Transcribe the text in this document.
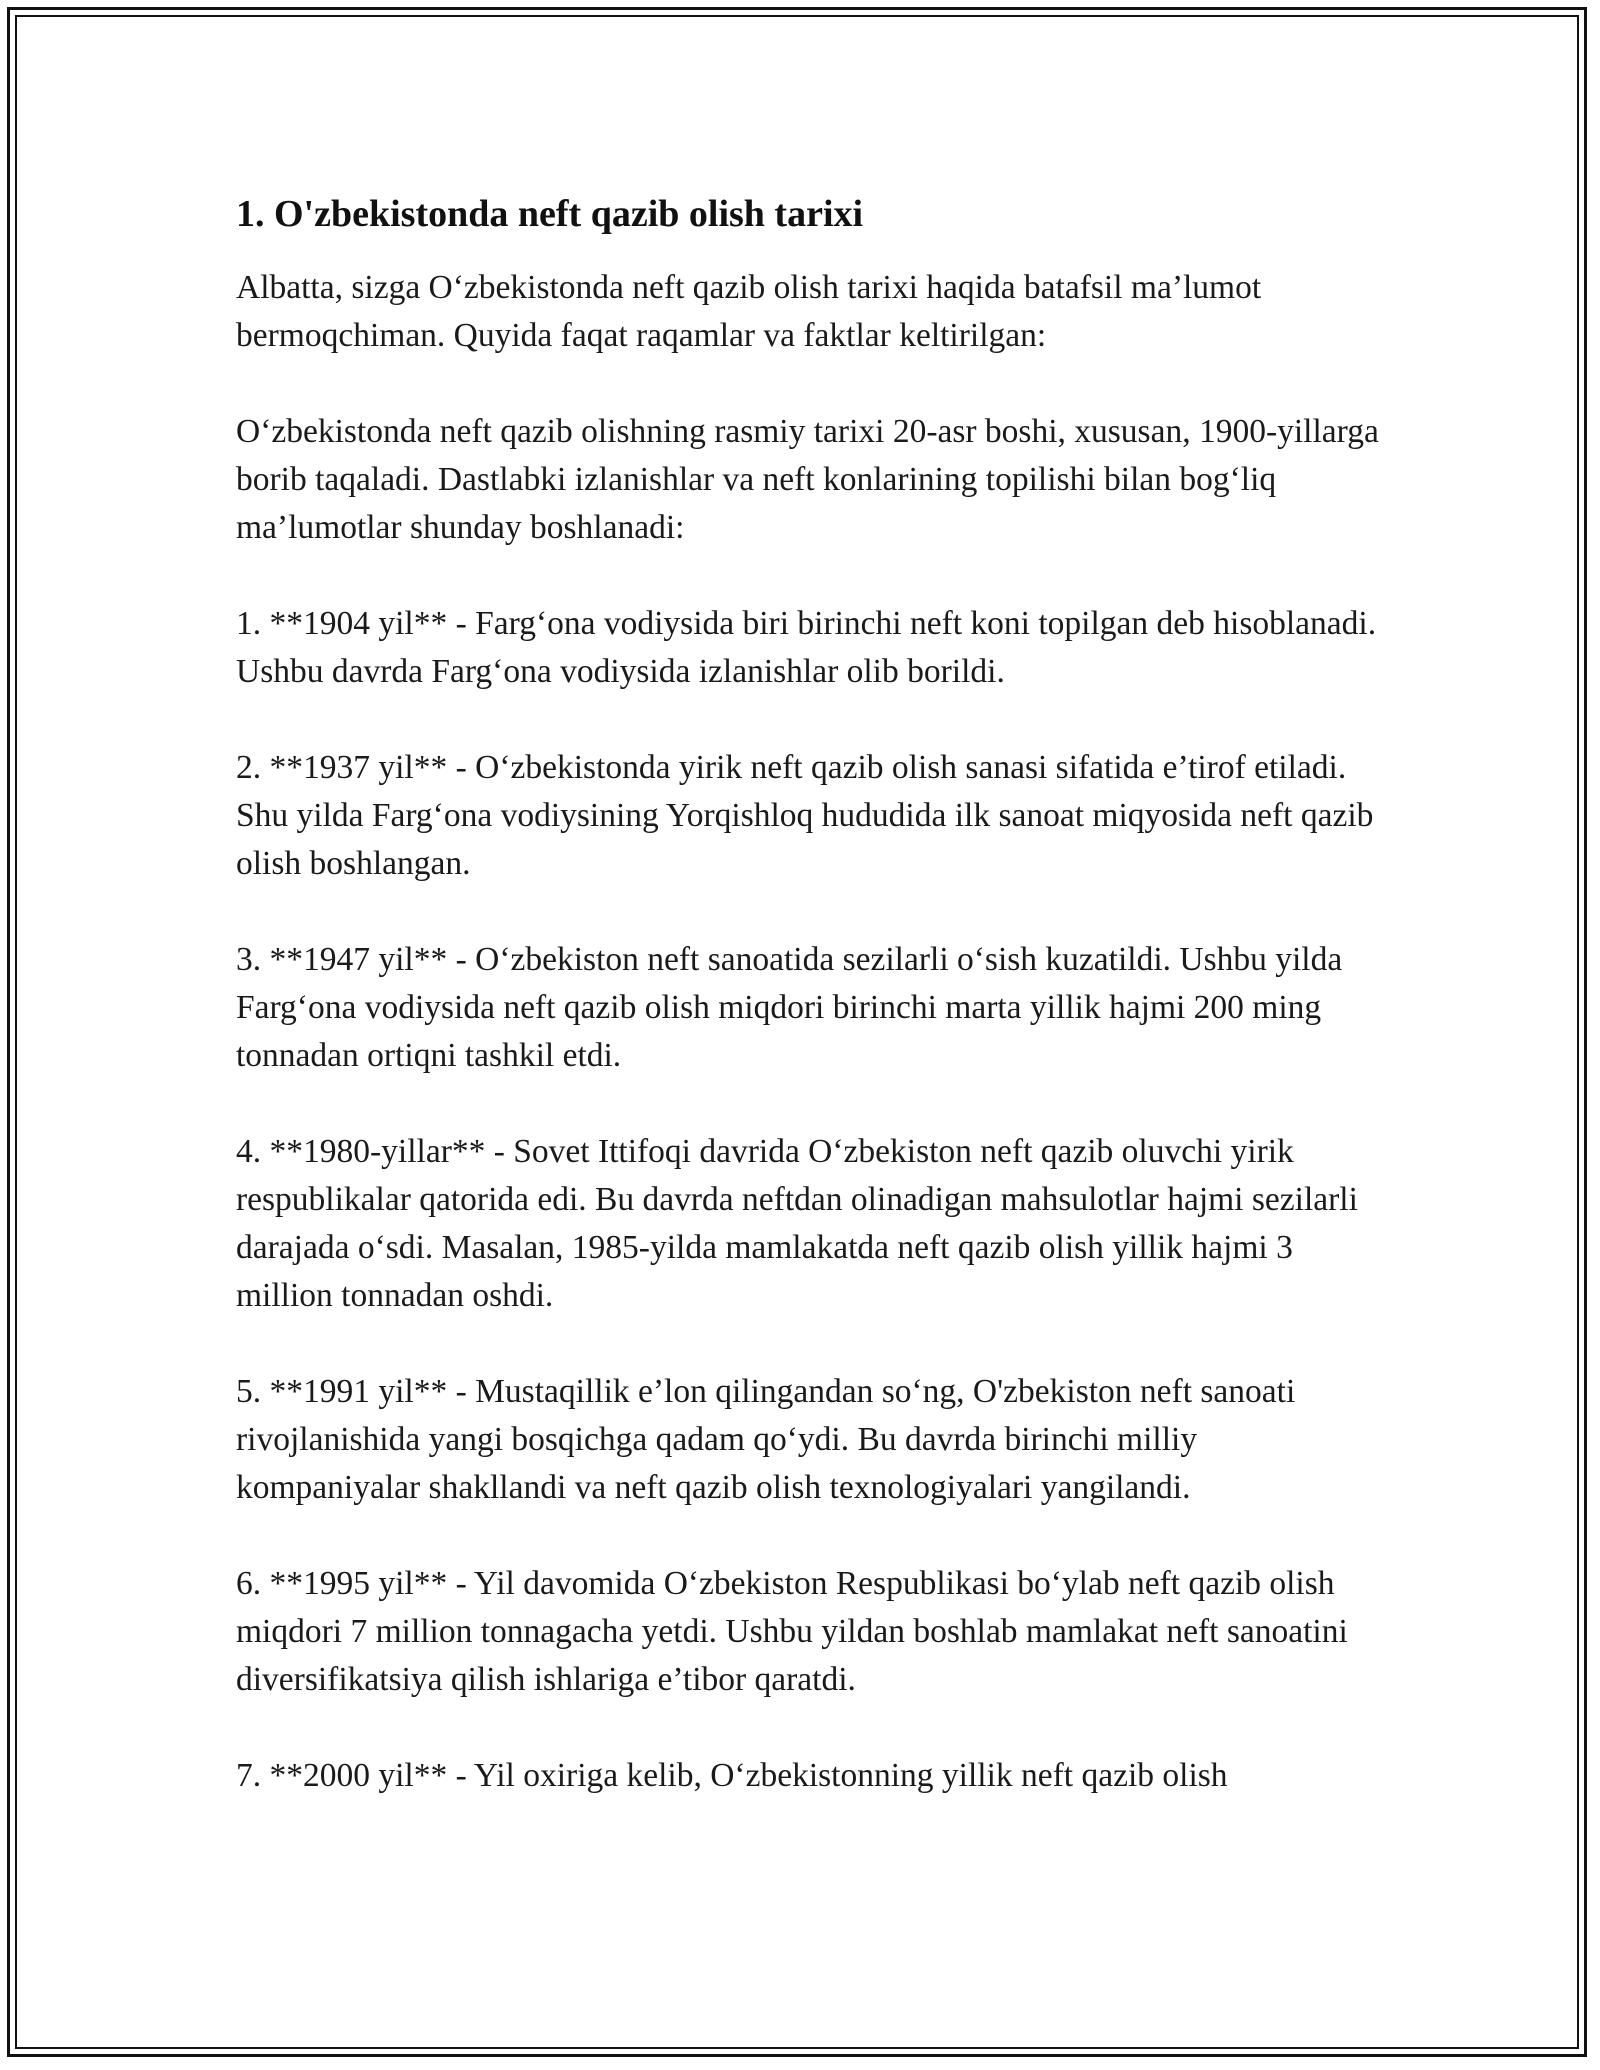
1. O'zbekistonda neft qazib olish tarixi

Albatta, sizga O‘zbekistonda neft qazib olish tarixi haqida batafsil ma’lumot bermoqchiman. Quyida faqat raqamlar va faktlar keltirilgan:

O‘zbekistonda neft qazib olishning rasmiy tarixi 20-asr boshi, xususan, 1900-yillarga borib taqaladi. Dastlabki izlanishlar va neft konlarining topilishi bilan bog‘liq ma’lumotlar shunday boshlanadi:

1. **1904 yil** - Farg‘ona vodiysida biri birinchi neft koni topilgan deb hisoblanadi. Ushbu davrda Farg‘ona vodiysida izlanishlar olib borildi.

2. **1937 yil** - O‘zbekistonda yirik neft qazib olish sanasi sifatida e’tirof etiladi. Shu yilda Farg‘ona vodiysining Yorqishloq hududida ilk sanoat miqyosida neft qazib olish boshlangan.

3. **1947 yil** - O‘zbekiston neft sanoatida sezilarli o‘sish kuzatildi. Ushbu yilda Farg‘ona vodiysida neft qazib olish miqdori birinchi marta yillik hajmi 200 ming tonnadan ortiqni tashkil etdi.

4. **1980-yillar** - Sovet Ittifoqi davrida O‘zbekiston neft qazib oluvchi yirik respublikalar qatorida edi. Bu davrda neftdan olinadigan mahsulotlar hajmi sezilarli darajada o‘sdi. Masalan, 1985-yilda mamlakatda neft qazib olish yillik hajmi 3 million tonnadan oshdi.

5. **1991 yil** - Mustaqillik e’lon qilingandan so‘ng, O'zbekiston neft sanoati rivojlanishida yangi bosqichga qadam qo‘ydi. Bu davrda birinchi milliy kompaniyalar shakllandi va neft qazib olish texnologiyalari yangilandi.

6. **1995 yil** - Yil davomida O‘zbekiston Respublikasi bo‘ylab neft qazib olish miqdori 7 million tonnagacha yetdi. Ushbu yildan boshlab mamlakat neft sanoatini diversifikatsiya qilish ishlariga e’tibor qaratdi.

7. **2000 yil** - Yil oxiriga kelib, O‘zbekistonning yillik neft qazib olish
